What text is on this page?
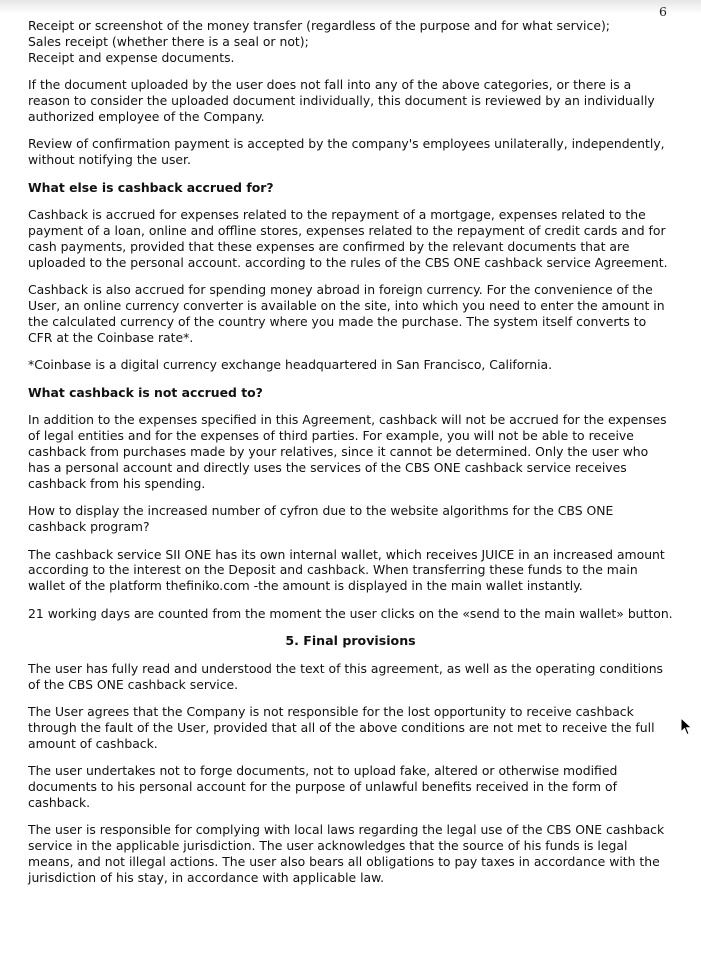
6

Receipt or screenshot of the money transfer (regardless of the purpose and for what service);
Sales receipt (whether there is a seal or not);
Receipt and expense documents.

If the document uploaded by the user does not fall into any of the above categories, or there is a reason to consider the uploaded document individually, this document is reviewed by an individually authorized employee of the Company.

Review of confirmation payment is accepted by the company's employees unilaterally, independently, without notifying the user.

What else is cashback accrued for?

Cashback is accrued for expenses related to the repayment of a mortgage, expenses related to the payment of a loan, online and offline stores, expenses related to the repayment of credit cards and for cash payments, provided that these expenses are confirmed by the relevant documents that are uploaded to the personal account. according to the rules of the CBS ONE cashback service Agreement.

Cashback is also accrued for spending money abroad in foreign currency. For the convenience of the User, an online currency converter is available on the site, into which you need to enter the amount in the calculated currency of the country where you made the purchase. The system itself converts to CFR at the Coinbase rate*.

*Coinbase is a digital currency exchange headquartered in San Francisco, California.

What cashback is not accrued to?

In addition to the expenses specified in this Agreement, cashback will not be accrued for the expenses of legal entities and for the expenses of third parties. For example, you will not be able to receive cashback from purchases made by your relatives, since it cannot be determined. Only the user who has a personal account and directly uses the services of the CBS ONE cashback service receives cashback from his spending.

How to display the increased number of cyfron due to the website algorithms for the CBS ONE cashback program?

The cashback service SII ONE has its own internal wallet, which receives JUICE in an increased amount according to the interest on the Deposit and cashback. When transferring these funds to the main wallet of the platform thefiniko.com -the amount is displayed in the main wallet instantly.

21 working days are counted from the moment the user clicks on the «send to the main wallet» button.

5. Final provisions

The user has fully read and understood the text of this agreement, as well as the operating conditions of the CBS ONE cashback service.

The User agrees that the Company is not responsible for the lost opportunity to receive cashback through the fault of the User, provided that all of the above conditions are not met to receive the full amount of cashback.

The user undertakes not to forge documents, not to upload fake, altered or otherwise modified documents to his personal account for the purpose of unlawful benefits received in the form of cashback.

The user is responsible for complying with local laws regarding the legal use of the CBS ONE cashback service in the applicable jurisdiction. The user acknowledges that the source of his funds is legal means, and not illegal actions. The user also bears all obligations to pay taxes in accordance with the jurisdiction of his stay, in accordance with applicable law.
